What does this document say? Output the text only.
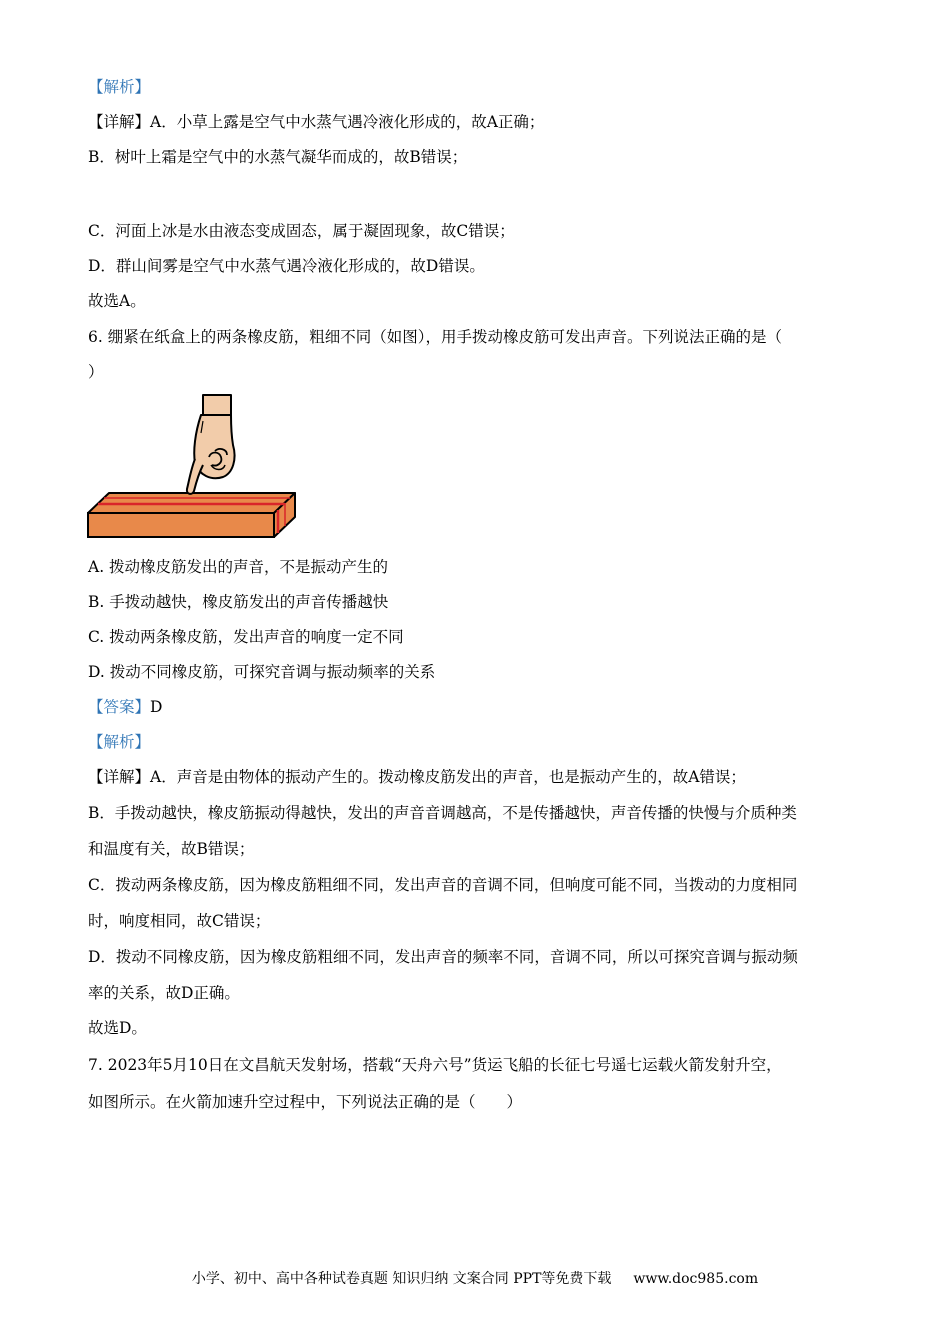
【解析】
【详解】A．小草上露是空气中水蒸气遇冷液化形成的，故A正确；
B．树叶上霜是空气中的水蒸气凝华而成的，故B错误；
C．河面上冰是水由液态变成固态，属于凝固现象，故C错误；
D．群山间雾是空气中水蒸气遇冷液化形成的，故D错误。
故选A。
6. 绷紧在纸盒上的两条橡皮筋，粗细不同（如图），用手拨动橡皮筋可发出声音。下列说法正确的是（
）
A. 拨动橡皮筋发出的声音，不是振动产生的
B. 手拨动越快，橡皮筋发出的声音传播越快
C. 拨动两条橡皮筋，发出声音的响度一定不同
D. 拨动不同橡皮筋，可探究音调与振动频率的关系
【答案】D
【解析】
【详解】A．声音是由物体的振动产生的。拨动橡皮筋发出的声音，也是振动产生的，故A错误；
B．手拨动越快，橡皮筋振动得越快，发出的声音音调越高，不是传播越快，声音传播的快慢与介质种类
和温度有关，故B错误；
C．拨动两条橡皮筋，因为橡皮筋粗细不同，发出声音的音调不同，但响度可能不同，当拨动的力度相同
时，响度相同，故C错误；
D．拨动不同橡皮筋，因为橡皮筋粗细不同，发出声音的频率不同，音调不同，所以可探究音调与振动频
率的关系，故D正确。
故选D。
7. 2023年5月10日在文昌航天发射场，搭载“天舟六号”货运飞船的长征七号遥七运载火箭发射升空，
如图所示。在火箭加速升空过程中，下列说法正确的是（　　）
小学、初中、高中各种试卷真题 知识归纳 文案合同 PPT等免费下载 www.doc985.com
